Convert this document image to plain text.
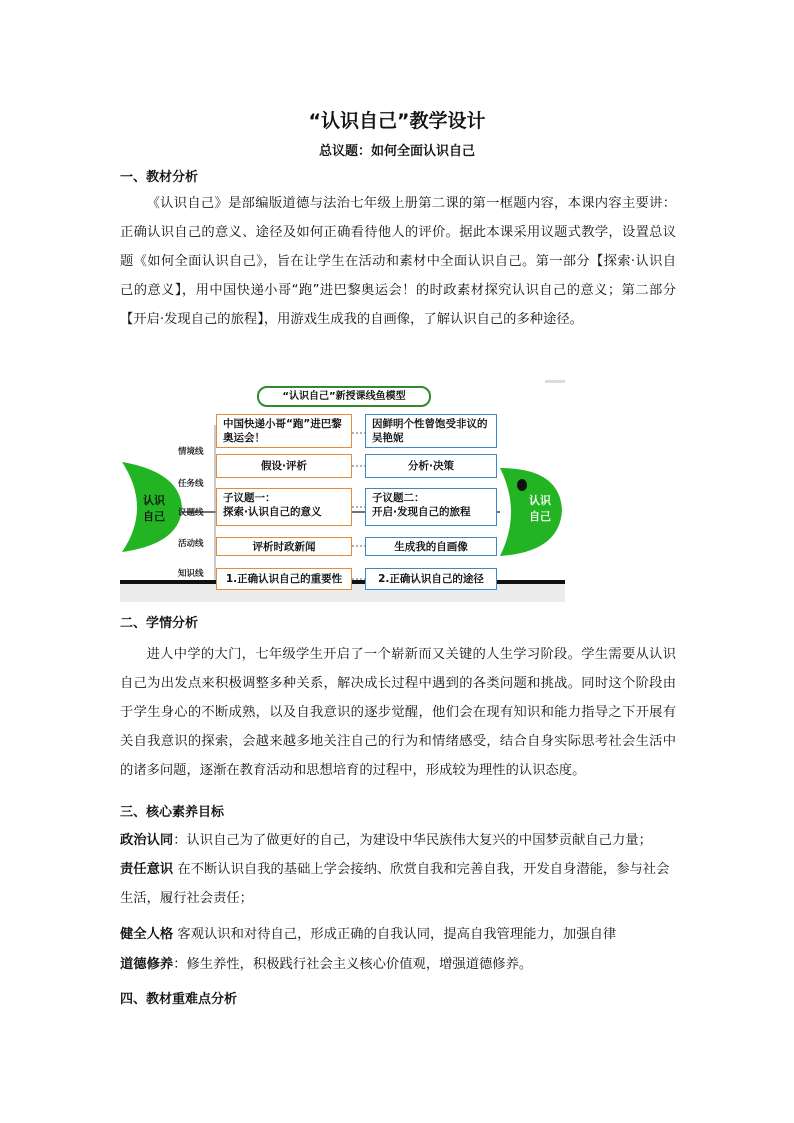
“认识自己”教学设计
总议题：如何全面认识自己
一、教材分析

《认识自己》是部编版道德与法治七年级上册第二课的第一框题内容，本课内容主要讲：正确认识自己的意义、途径及如何正确看待他人的评价。据此本课采用议题式教学，设置总议题《如何全面认识自己》，旨在让学生在活动和素材中全面认识自己。第一部分【探索·认识自己的意义】，用中国快递小哥“跑”进巴黎奥运会！的时政素材探究认识自己的意义；第二部分【开启·发现自己的旅程】，用游戏生成我的自画像，了解认识自己的多种途径。

“认识自己”新授课线鱼模型
认识
自己
认识
自己
情境线
任务线
议题线
活动线
知识线
中国快递小哥“跑”进巴黎奥运会！
假设·评析
子议题一：
探索·认识自己的意义
评析时政新闻
1.正确认识自己的重要性
因鲜明个性曾饱受非议的吴艳妮
分析·决策
子议题二：
开启·发现自己的旅程
生成我的自画像
2.正确认识自己的途径
二、学情分析

进人中学的大门，七年级学生开启了一个崭新而又关键的人生学习阶段。学生需要从认识自己为出发点来积极调整多种关系，解决成长过程中遇到的各类问题和挑战。同时这个阶段由于学生身心的不断成熟，以及自我意识的逐步觉醒，他们会在现有知识和能力指导之下开展有关自我意识的探索，会越来越多地关注自己的行为和情绪感受，结合自身实际思考社会生活中的诸多问题，逐渐在教育活动和思想培育的过程中，形成较为理性的认识态度。

三、核心素养目标
政治认同：认识自己为了做更好的自己，为建设中华民族伟大复兴的中国梦贡献自己力量；
责任意识 在不断认识自我的基础上学会接纳、欣赏自我和完善自我，开发自身潜能，参与社会生活，履行社会责任；
健全人格 客观认识和对待自己，形成正确的自我认同，提高自我管理能力，加强自律
道德修养：修生养性，积极践行社会主义核心价值观，增强道德修养。
四、教材重难点分析
